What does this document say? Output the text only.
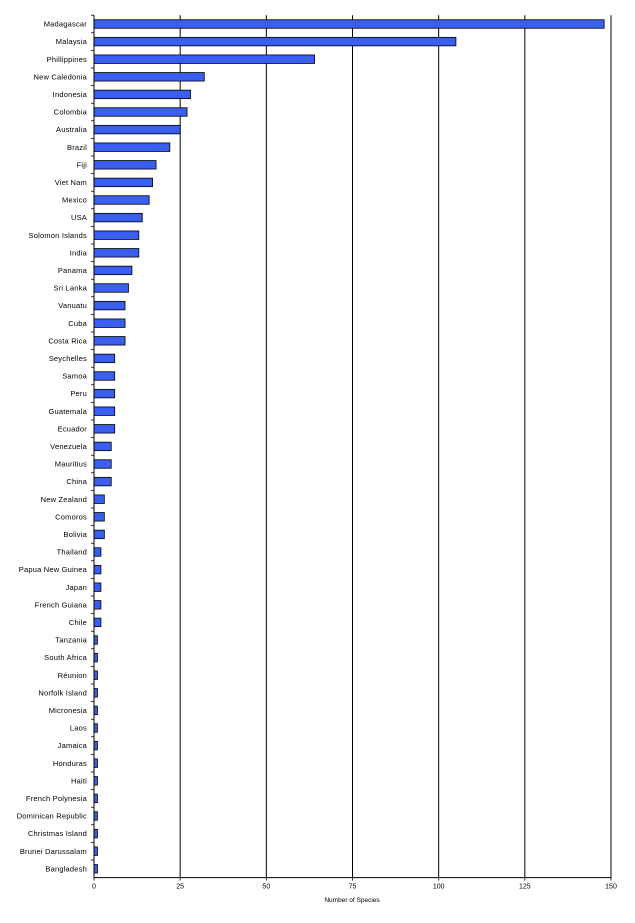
Madagascar
Malaysia
Phillippines
New Caledonia
Indonesia
Colombia
Australia
Brazil
Fiji
Viet Nam
Mexico
USA
Solomon Islands
India
Panama
Sri Lanka
Vanuatu
Cuba
Costa Rica
Seychelles
Samoa
Peru
Guatemala
Ecuador
Venezuela
Mauritius
China
New Zealand
Comoros
Bolivia
Thailand
Papua New Guinea
Japan
French Guiana
Chile
Tanzania
South Africa
Réunion
Norfolk Island
Micronesia
Laos
Jamaica
Honduras
Haiti
French Polynesia
Dominican Republic
Christmas Island
Brunei Darussalam
Bangladesh
0	25	50	75	100	125	150
Number of Species
